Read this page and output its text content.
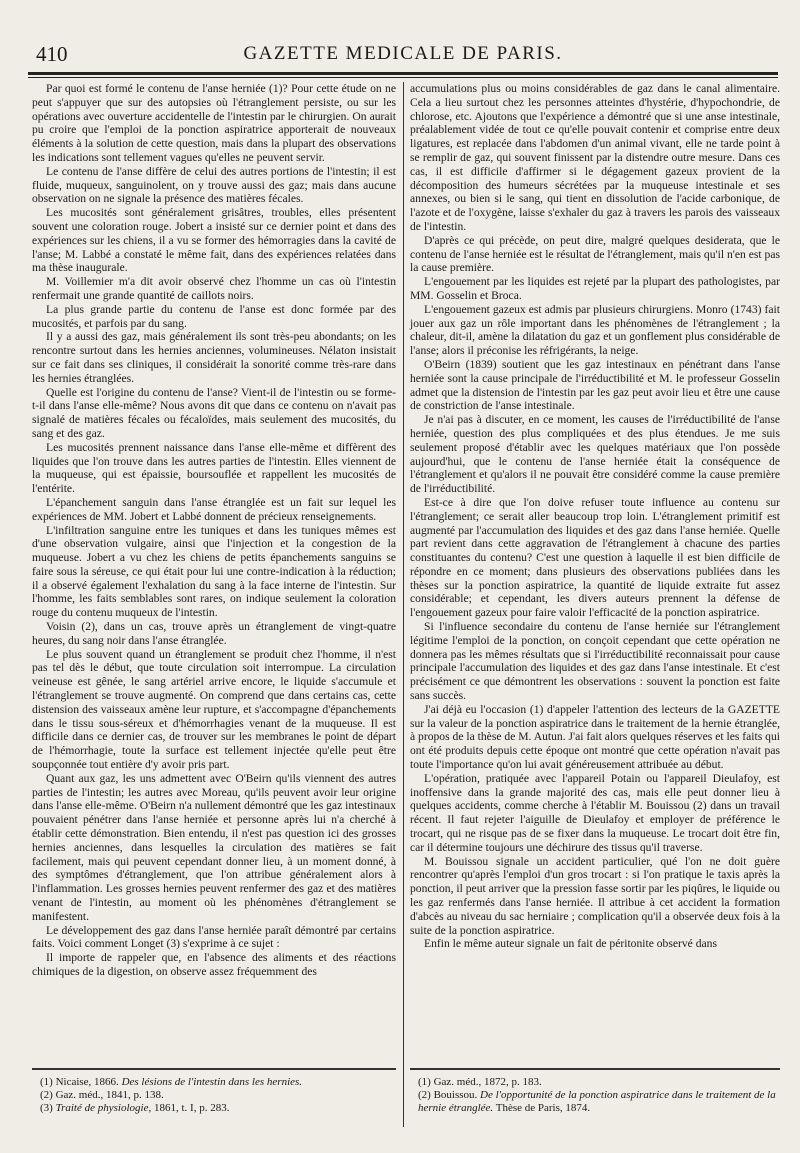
410	GAZETTE MEDICALE DE PARIS.

Par quoi est formé le contenu de l'anse herniée (1)? Pour cette étude on ne peut s'appuyer que sur des autopsies où l'étranglement persiste, ou sur les opérations avec ouverture accidentelle de l'intestin par le chirurgien. On aurait pu croire que l'emploi de la ponction aspiratrice apporterait de nouveaux éléments à la solution de cette question, mais dans la plupart des observations les indications sont tellement vagues qu'elles ne peuvent servir.

Le contenu de l'anse diffère de celui des autres portions de l'intestin; il est fluide, muqueux, sanguinolent, on y trouve aussi des gaz; mais dans aucune observation on ne signale la présence des matières fécales.

Les mucosités sont généralement grisâtres, troubles, elles présentent souvent une coloration rouge. Jobert a insisté sur ce dernier point et dans des expériences sur les chiens, il a vu se former des hémorragies dans la cavité de l'anse; M. Labbé a constaté le même fait, dans des expériences relatées dans ma thèse inaugurale.

M. Voillemier m'a dit avoir observé chez l'homme un cas où l'intestin renfermait une grande quantité de caillots noirs.

La plus grande partie du contenu de l'anse est donc formée par des mucosités, et parfois par du sang.

Il y a aussi des gaz, mais généralement ils sont très-peu abondants; on les rencontre surtout dans les hernies anciennes, volumineuses. Nélaton insistait sur ce fait dans ses cliniques, il considérait la sonorité comme très-rare dans les hernies étranglées.

Quelle est l'origine du contenu de l'anse? Vient-il de l'intestin ou se forme-t-il dans l'anse elle-même? Nous avons dit que dans ce contenu on n'avait pas signalé de matières fécales ou fécaloïdes, mais seulement des mucosités, du sang et des gaz.

Les mucosités prennent naissance dans l'anse elle-même et diffèrent des liquides que l'on trouve dans les autres parties de l'intestin. Elles viennent de la muqueuse, qui est épaissie, boursouflée et rappellent les mucosités de l'entérite.

L'épanchement sanguin dans l'anse étranglée est un fait sur lequel les expériences de MM. Jobert et Labbé donnent de précieux renseignements.

L'infiltration sanguine entre les tuniques et dans les tuniques mêmes est d'une observation vulgaire, ainsi que l'injection et la congestion de la muqueuse. Jobert a vu chez les chiens de petits épanchements sanguins se faire sous la séreuse, ce qui était pour lui une contre-indication à la réduction; il a observé également l'exhalation du sang à la face interne de l'intestin. Sur l'homme, les faits semblables sont rares, on indique seulement la coloration rouge du contenu muqueux de l'intestin.

Voisin (2), dans un cas, trouve après un étranglement de vingt-quatre heures, du sang noir dans l'anse étranglée.

Le plus souvent quand un étranglement se produit chez l'homme, il n'est pas tel dès le début, que toute circulation soit interrompue. La circulation veineuse est gênée, le sang artériel arrive encore, le liquide s'accumule et l'étranglement se trouve augmenté. On comprend que dans certains cas, cette distension des vaisseaux amène leur rupture, et s'accompagne d'épanchements dans le tissu sous-séreux et d'hémorrhagies venant de la muqueuse. Il est difficile dans ce dernier cas, de trouver sur les membranes le point de départ de l'hémorrhagie, toute la surface est tellement injectée qu'elle peut être soupçonnée tout entière d'y avoir pris part.

Quant aux gaz, les uns admettent avec O'Beirn qu'ils viennent des autres parties de l'intestin; les autres avec Moreau, qu'ils peuvent avoir leur origine dans l'anse elle-même. O'Beirn n'a nullement démontré que les gaz intestinaux pouvaient pénétrer dans l'anse herniée et personne après lui n'a cherché à établir cette démonstration. Bien entendu, il n'est pas question ici des grosses hernies anciennes, dans lesquelles la circulation des matières se fait facilement, mais qui peuvent cependant donner lieu, à un moment donné, à des symptômes d'étranglement, que l'on attribue généralement alors à l'inflammation. Les grosses hernies peuvent renfermer des gaz et des matières venant de l'intestin, au moment où les phénomènes d'étranglement se manifestent.

Le développement des gaz dans l'anse herniée paraît démontré par certains faits. Voici comment Longet (3) s'exprime à ce sujet :

Il importe de rappeler que, en l'absence des aliments et des réactions chimiques de la digestion, on observe assez fréquemment des

accumulations plus ou moins considérables de gaz dans le canal alimentaire. Cela a lieu surtout chez les personnes atteintes d'hystérie, d'hypochondrie, de chlorose, etc. Ajoutons que l'expérience a démontré que si une anse intestinale, préalablement vidée de tout ce qu'elle pouvait contenir et comprise entre deux ligatures, est replacée dans l'abdomen d'un animal vivant, elle ne tarde point à se remplir de gaz, qui souvent finissent par la distendre outre mesure. Dans ces cas, il est difficile d'affirmer si le dégagement gazeux provient de la décomposition des humeurs sécrétées par la muqueuse intestinale et ses annexes, ou bien si le sang, qui tient en dissolution de l'acide carbonique, de l'azote et de l'oxygène, laisse s'exhaler du gaz à travers les parois des vaisseaux de l'intestin.

D'après ce qui précède, on peut dire, malgré quelques desiderata, que le contenu de l'anse herniée est le résultat de l'étranglement, mais qu'il n'en est pas la cause première.

L'engouement par les liquides est rejeté par la plupart des pathologistes, par MM. Gosselin et Broca.

L'engouement gazeux est admis par plusieurs chirurgiens. Monro (1743) fait jouer aux gaz un rôle important dans les phénomènes de l'étranglement ; la chaleur, dit-il, amène la dilatation du gaz et un gonflement plus considérable de l'anse; alors il préconise les réfrigérants, la neige.

O'Beirn (1839) soutient que les gaz intestinaux en pénétrant dans l'anse herniée sont la cause principale de l'irréductibilité et M. le professeur Gosselin admet que la distension de l'intestin par les gaz peut avoir lieu et être une cause de constriction de l'anse intestinale.

Je n'ai pas à discuter, en ce moment, les causes de l'irréductibilité de l'anse herniée, question des plus compliquées et des plus étendues. Je me suis seulement proposé d'établir avec les quelques matériaux que l'on possède aujourd'hui, que le contenu de l'anse herniée était la conséquence de l'étranglement et qu'alors il ne pouvait être considéré comme la cause première de l'irréductibilité.

Est-ce à dire que l'on doive refuser toute influence au contenu sur l'étranglement; ce serait aller beaucoup trop loin. L'étranglement primitif est augmenté par l'accumulation des liquides et des gaz dans l'anse herniée. Quelle part revient dans cette aggravation de l'étranglement à chacune des parties constituantes du contenu? C'est une question à laquelle il est bien difficile de répondre en ce moment; dans plusieurs des observations publiées dans les thèses sur la ponction aspiratrice, la quantité de liquide extraite fut assez considérable; et cependant, les divers auteurs prennent la défense de l'engouement gazeux pour faire valoir l'efficacité de la ponction aspiratrice.

Si l'influence secondaire du contenu de l'anse herniée sur l'étranglement légitime l'emploi de la ponction, on conçoit cependant que cette opération ne donnera pas les mêmes résultats que si l'irréductibilité reconnaissait pour cause principale l'accumulation des liquides et des gaz dans l'anse intestinale. Et c'est précisément ce que démontrent les observations : souvent la ponction est faite sans succès.

J'ai déjà eu l'occasion (1) d'appeler l'attention des lecteurs de la GAZETTE sur la valeur de la ponction aspiratrice dans le traitement de la hernie étranglée, à propos de la thèse de M. Autun. J'ai fait alors quelques réserves et les faits qui ont été produits depuis cette époque ont montré que cette opération n'avait pas toute l'importance qu'on lui avait généreusement attribuée au début.

L'opération, pratiquée avec l'appareil Potain ou l'appareil Dieulafoy, est inoffensive dans la grande majorité des cas, mais elle peut donner lieu à quelques accidents, comme cherche à l'établir M. Bouissou (2) dans un travail récent. Il faut rejeter l'aiguille de Dieulafoy et employer de préférence le trocart, qui ne risque pas de se fixer dans la muqueuse. Le trocart doit être fin, car il détermine toujours une déchirure des tissus qu'il traverse.

M. Bouissou signale un accident particulier, qué l'on ne doit guère rencontrer qu'après l'emploi d'un gros trocart : si l'on pratique le taxis après la ponction, il peut arriver que la pression fasse sortir par les piqûres, le liquide ou les gaz renfermés dans l'anse herniée. Il attribue à cet accident la formation d'abcès au niveau du sac herniaire ; complication qu'il a observée deux fois à la suite de la ponction aspiratrice.

Enfin le même auteur signale un fait de péritonite observé dans

(1) Nicaise, 1866. Des lésions de l'intestin dans les hernies.
(2) Gaz. méd., 1841, p. 138.
(3) Traité de physiologie, 1861, t. I, p. 283.
(1) Gaz. méd., 1872, p. 183.
(2) Bouissou. De l'opportunité de la ponction aspiratrice dans le traitement de la hernie étranglée. Thèse de Paris, 1874.
